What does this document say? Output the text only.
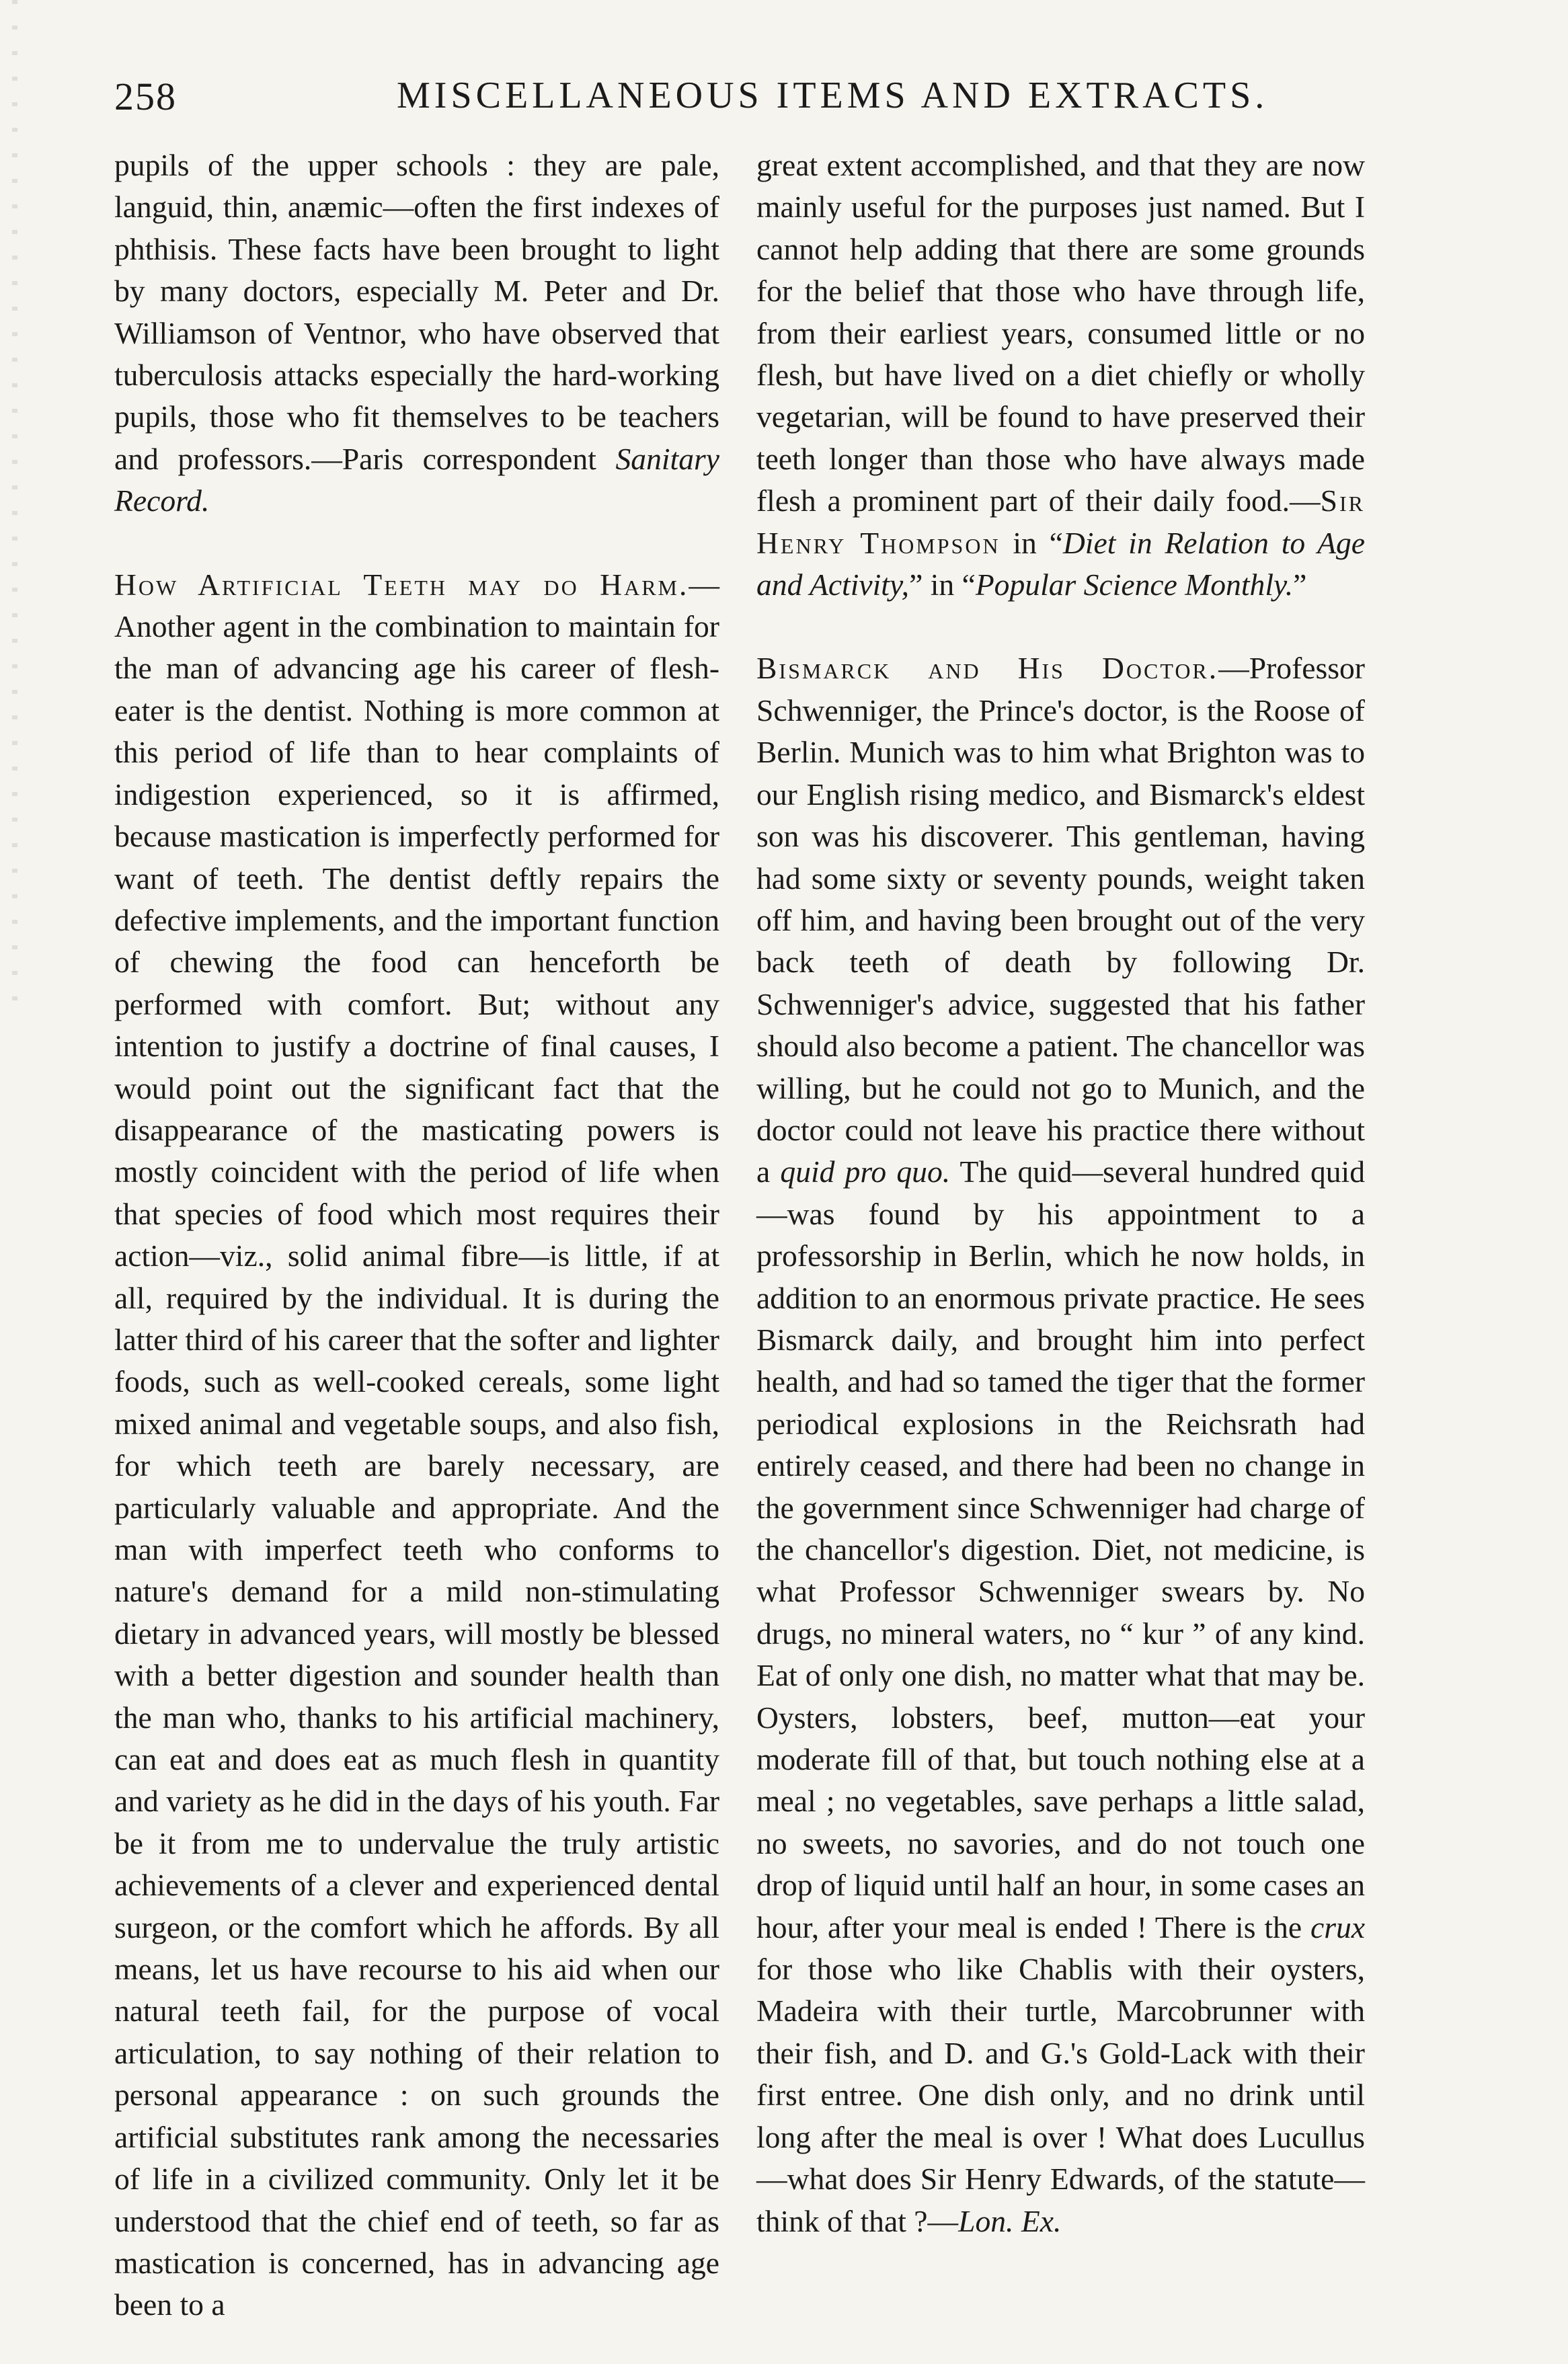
258	MISCELLANEOUS ITEMS AND EXTRACTS.

pupils of the upper schools : they are pale, languid, thin, anæmic—often the first indexes of phthisis. These facts have been brought to light by many doctors, especially M. Peter and Dr. Williamson of Ventnor, who have observed that tuberculosis attacks especially the hard-working pupils, those who fit themselves to be teachers and professors.—Paris correspondent Sanitary Record.

How Artificial Teeth may do Harm.—Another agent in the combination to maintain for the man of advancing age his career of flesh-eater is the dentist. Nothing is more common at this period of life than to hear complaints of indigestion experienced, so it is affirmed, because mastication is imperfectly performed for want of teeth. The dentist deftly repairs the defective implements, and the important function of chewing the food can henceforth be performed with comfort. But; without any intention to justify a doctrine of final causes, I would point out the significant fact that the disappearance of the masticating powers is mostly coincident with the period of life when that species of food which most requires their action—viz., solid animal fibre—is little, if at all, required by the individual. It is during the latter third of his career that the softer and lighter foods, such as well-cooked cereals, some light mixed animal and vegetable soups, and also fish, for which teeth are barely necessary, are particularly valuable and appropriate. And the man with imperfect teeth who conforms to nature's demand for a mild non-stimulating dietary in advanced years, will mostly be blessed with a better digestion and sounder health than the man who, thanks to his artificial machinery, can eat and does eat as much flesh in quantity and variety as he did in the days of his youth. Far be it from me to undervalue the truly artistic achievements of a clever and experienced dental surgeon, or the comfort which he affords. By all means, let us have recourse to his aid when our natural teeth fail, for the purpose of vocal articulation, to say nothing of their relation to personal appearance : on such grounds the artificial substitutes rank among the necessaries of life in a civilized community. Only let it be understood that the chief end of teeth, so far as mastication is concerned, has in advancing age been to a

great extent accomplished, and that they are now mainly useful for the purposes just named. But I cannot help adding that there are some grounds for the belief that those who have through life, from their earliest years, consumed little or no flesh, but have lived on a diet chiefly or wholly vegetarian, will be found to have preserved their teeth longer than those who have always made flesh a prominent part of their daily food.—Sir Henry Thompson in “Diet in Relation to Age and Activity,” in “Popular Science Monthly.”

Bismarck and His Doctor.—Professor Schwenniger, the Prince's doctor, is the Roose of Berlin. Munich was to him what Brighton was to our English rising medico, and Bismarck's eldest son was his discoverer. This gentleman, having had some sixty or seventy pounds, weight taken off him, and having been brought out of the very back teeth of death by following Dr. Schwenniger's advice, suggested that his father should also become a patient. The chancellor was willing, but he could not go to Munich, and the doctor could not leave his practice there without a quid pro quo. The quid—several hundred quid—was found by his appointment to a professorship in Berlin, which he now holds, in addition to an enormous private practice. He sees Bismarck daily, and brought him into perfect health, and had so tamed the tiger that the former periodical explosions in the Reichsrath had entirely ceased, and there had been no change in the government since Schwenniger had charge of the chancellor's digestion. Diet, not medicine, is what Professor Schwenniger swears by. No drugs, no mineral waters, no “ kur ” of any kind. Eat of only one dish, no matter what that may be. Oysters, lobsters, beef, mutton—eat your moderate fill of that, but touch nothing else at a meal ; no vegetables, save perhaps a little salad, no sweets, no savories, and do not touch one drop of liquid until half an hour, in some cases an hour, after your meal is ended ! There is the crux for those who like Chablis with their oysters, Madeira with their turtle, Marcobrunner with their fish, and D. and G.'s Gold-Lack with their first entree. One dish only, and no drink until long after the meal is over ! What does Lucullus—what does Sir Henry Edwards, of the statute—think of that ?—Lon. Ex.
